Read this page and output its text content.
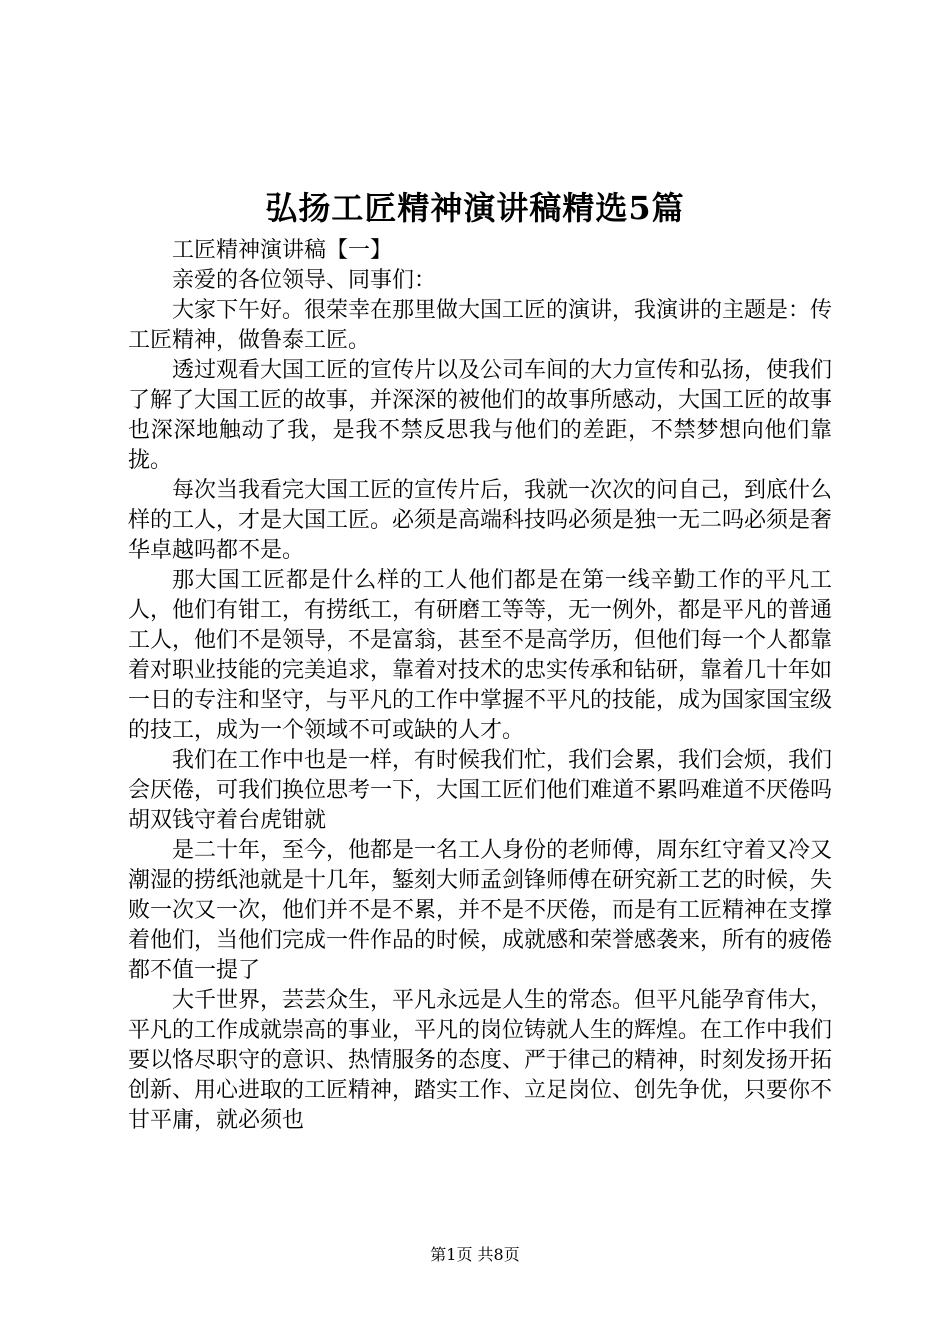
弘扬工匠精神演讲稿精选5篇

工匠精神演讲稿【一】

亲爱的各位领导、同事们：

大家下午好。很荣幸在那里做大国工匠的演讲，我演讲的主题是：传工匠精神，做鲁泰工匠。

透过观看大国工匠的宣传片以及公司车间的大力宣传和弘扬，使我们了解了大国工匠的故事，并深深的被他们的故事所感动，大国工匠的故事也深深地触动了我，是我不禁反思我与他们的差距，不禁梦想向他们靠拢。

每次当我看完大国工匠的宣传片后，我就一次次的问自己，到底什么样的工人，才是大国工匠。必须是高端科技吗必须是独一无二吗必须是奢华卓越吗都不是。

那大国工匠都是什么样的工人他们都是在第一线辛勤工作的平凡工人，他们有钳工，有捞纸工，有研磨工等等，无一例外，都是平凡的普通工人，他们不是领导，不是富翁，甚至不是高学历，但他们每一个人都靠着对职业技能的完美追求，靠着对技术的忠实传承和钻研，靠着几十年如一日的专注和坚守，与平凡的工作中掌握不平凡的技能，成为国家国宝级的技工，成为一个领域不可或缺的人才。

我们在工作中也是一样，有时候我们忙，我们会累，我们会烦，我们会厌倦，可我们换位思考一下，大国工匠们他们难道不累吗难道不厌倦吗胡双钱守着台虎钳就

是二十年，至今，他都是一名工人身份的老师傅，周东红守着又冷又潮湿的捞纸池就是十几年，錾刻大师孟剑锋师傅在研究新工艺的时候，失败一次又一次，他们并不是不累，并不是不厌倦，而是有工匠精神在支撑着他们，当他们完成一件作品的时候，成就感和荣誉感袭来，所有的疲倦都不值一提了

大千世界，芸芸众生，平凡永远是人生的常态。但平凡能孕育伟大，平凡的工作成就崇高的事业，平凡的岗位铸就人生的辉煌。在工作中我们要以恪尽职守的意识、热情服务的态度、严于律己的精神，时刻发扬开拓创新、用心进取的工匠精神，踏实工作、立足岗位、创先争优，只要你不甘平庸，就必须也

第1页 共8页
